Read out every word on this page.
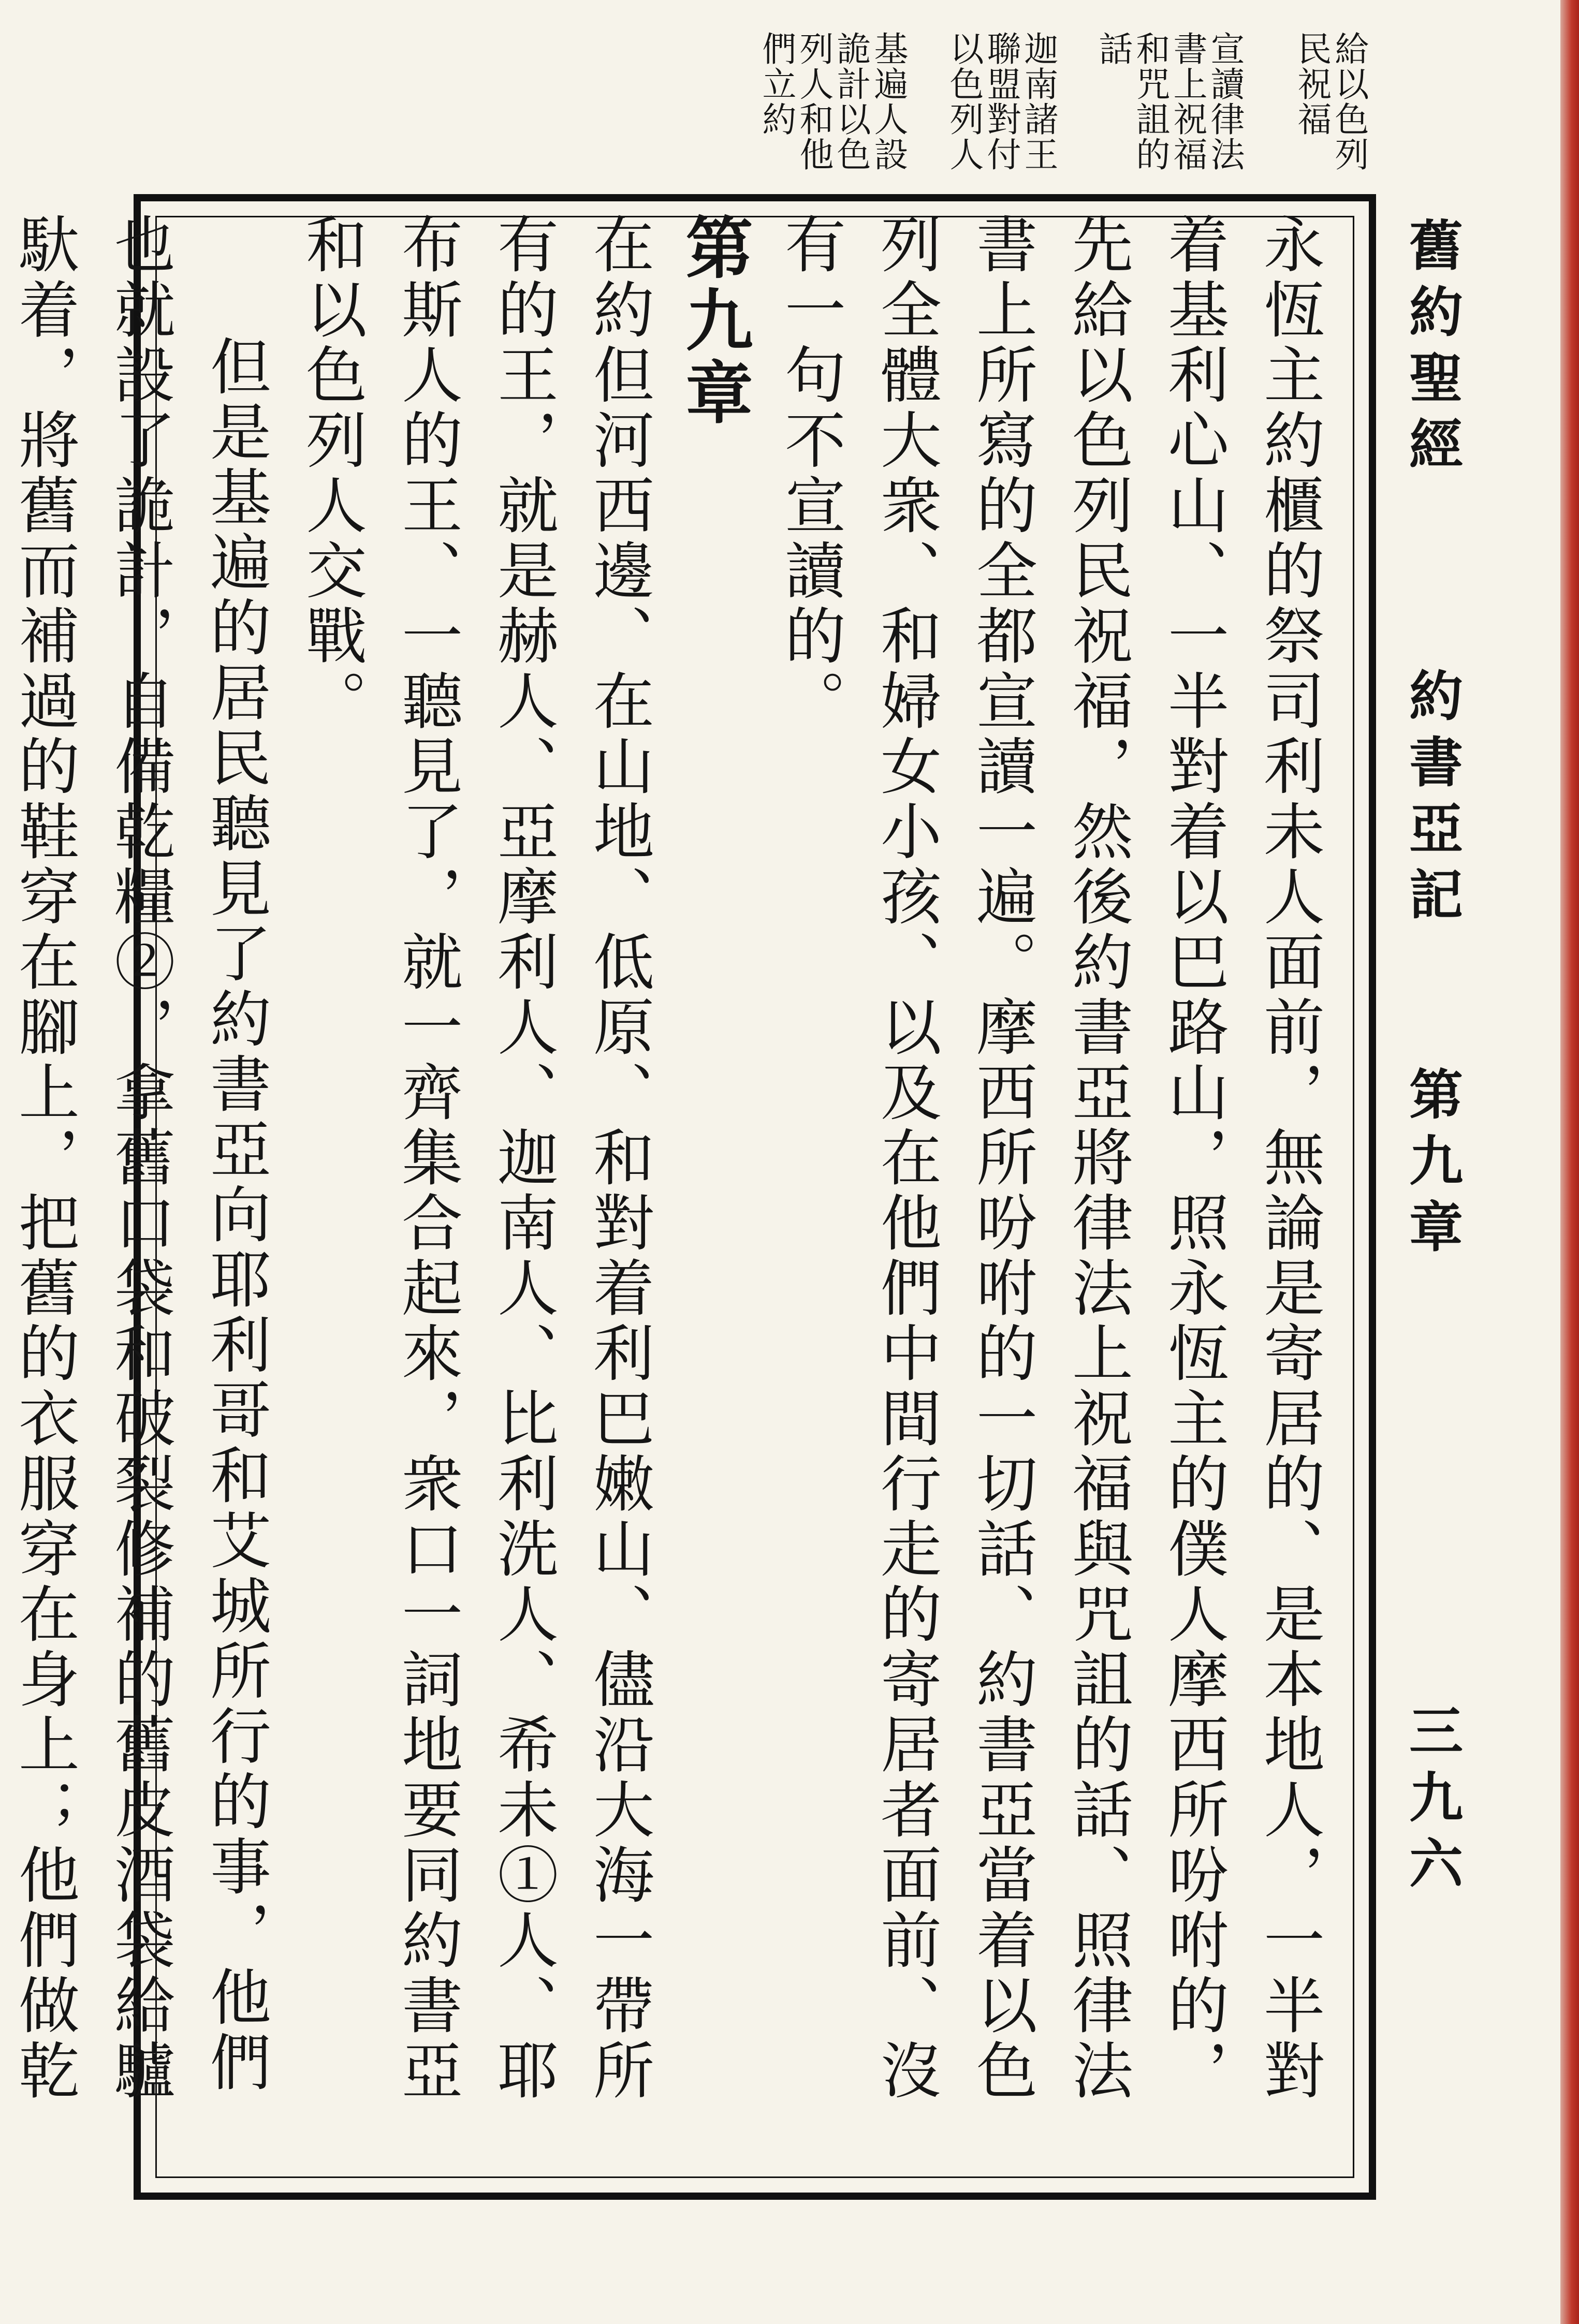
給以色列
民祝福
宣讀律法
書上祝福
和咒詛的
話
迦南諸王
聯盟對付
以色列人
基遍人設
詭計以色
列人和他
們立約
舊約聖經
約書亞記
第九章
三九六

永恆主約櫃的祭司利未人面前，無論是寄居的、是本地人，一半對着基利心山、一半對着以巴路山，照永恆主的僕人摩西所吩咐的，先給以色列民祝福，然後約書亞將律法上祝福與咒詛的話、照律法書上所寫的全都宣讀一遍。摩西所吩咐的一切話、約書亞當着以色列全體大衆、和婦女小孩、以及在他們中間行走的寄居者面前、沒有一句不宣讀的。

第九章

在約但河西邊、在山地、低原、和對着利巴嫩山、儘沿大海一帶所有的王，就是赫人、亞摩利人、迦南人、比利洗人、希未①人、耶布斯人的王、一聽見了，就一齊集合起來，衆口一詞地要同約書亞和以色列人交戰。

但是基遍的居民聽見了約書亞向耶利哥和艾城所行的事，他們也就設了詭計，自備乾糧②，拿舊口袋和破裂修補的舊皮酒袋給驢馱着，將舊而補過的鞋穿在腳上，把舊的衣服穿在身上；他們做乾
